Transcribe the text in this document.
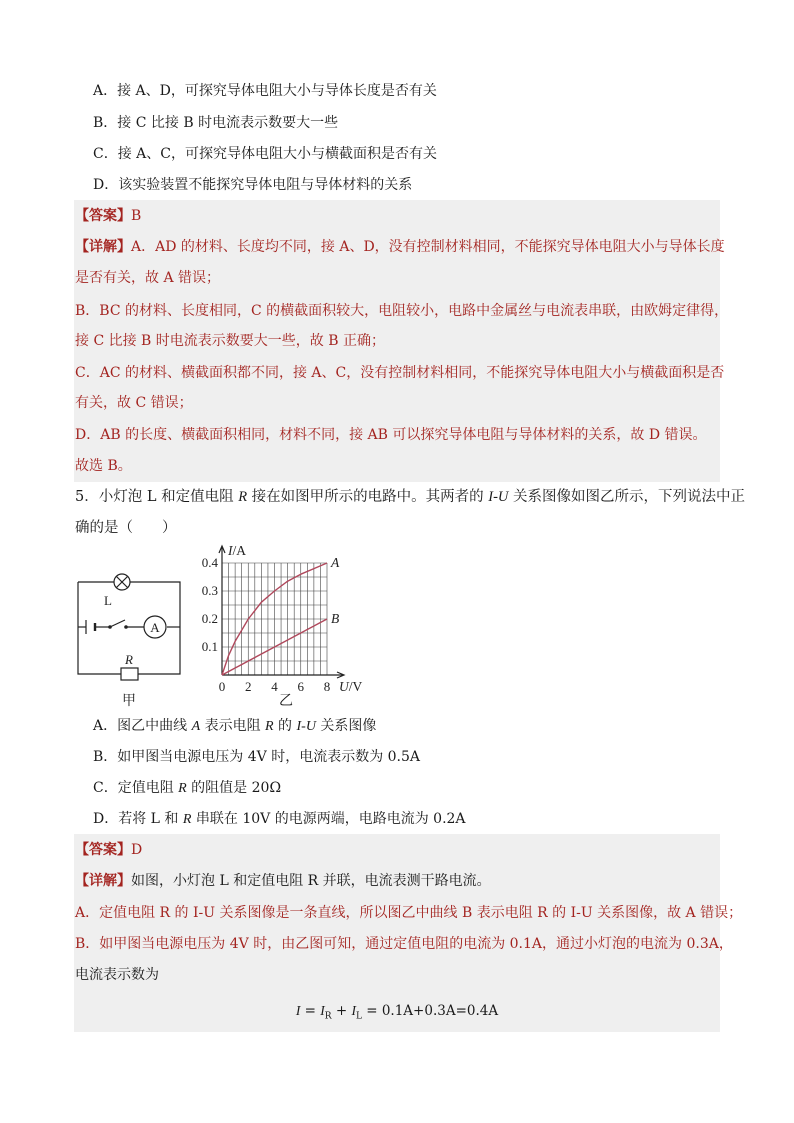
A．接 A、D，可探究导体电阻大小与导体长度是否有关
B．接 C 比接 B 时电流表示数要大一些
C．接 A、C，可探究导体电阻大小与横截面积是否有关
D．该实验装置不能探究导体电阻与导体材料的关系
【答案】B
【详解】A．AD 的材料、长度均不同，接 A、D，没有控制材料相同，不能探究导体电阻大小与导体长度
是否有关，故 A 错误；
B．BC 的材料、长度相同，C 的横截面积较大，电阻较小，电路中金属丝与电流表串联，由欧姆定律得，
接 C 比接 B 时电流表示数要大一些，故 B 正确；
C．AC 的材料、横截面积都不同，接 A、C，没有控制材料相同，不能探究导体电阻大小与横截面积是否
有关，故 C 错误；
D．AB 的长度、横截面积相同，材料不同，接 AB 可以探究导体电阻与导体材料的关系，故 D 错误。
故选 B。
5．小灯泡 L 和定值电阻 R 接在如图甲所示的电路中。其两者的 I-U 关系图像如图乙所示，下列说法中正
确的是（　　）
L
A
R
甲
0 2 4 6 8
0.1
0.2
0.3
0.4
I/A
U/V
A
B
乙
A．图乙中曲线 A 表示电阻 R 的 I-U 关系图像
B．如甲图当电源电压为 4V 时，电流表示数为 0.5A
C．定值电阻 R 的阻值是 20Ω
D．若将 L 和 R 串联在 10V 的电源两端，电路电流为 0.2A
【答案】D
【详解】如图，小灯泡 L 和定值电阻 R 并联，电流表测干路电流。
A．定值电阻 R 的 I-U 关系图像是一条直线，所以图乙中曲线 B 表示电阻 R 的 I-U 关系图像，故 A 错误；
B．如甲图当电源电压为 4V 时，由乙图可知，通过定值电阻的电流为 0.1A，通过小灯泡的电流为 0.3A，
电流表示数为
$I = I_R + I_L = 0.1A+0.3A=0.4A$
